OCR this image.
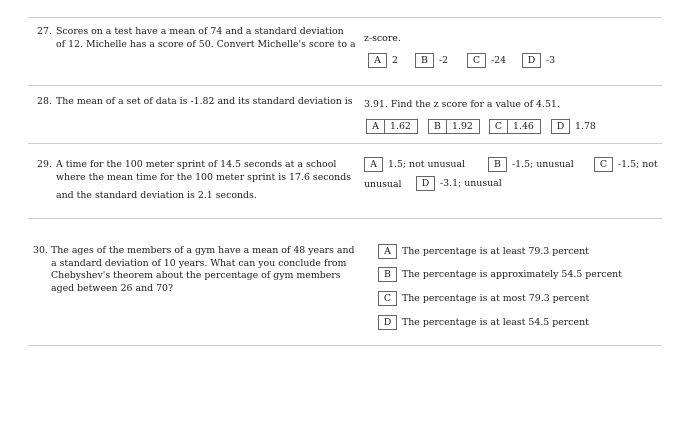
27. Scores on a test have a mean of 74 and a standard deviation
of 12. Michelle has a score of 50. Convert Michelle's score to a
z-score.
A	2	B	-2	C	-24	D	-3
28. The mean of a set of data is -1.82 and its standard deviation is 3.91. Find the z score for a value of 4.51.
A	1.62	B	1.92	C	1.46	D	1.78
29. A time for the 100 meter sprint of 14.5 seconds at a school
where the mean time for the 100 meter sprint is 17.6 seconds
and the standard deviation is 2.1 seconds.
A	1.5; not unusual	B	-1.5; unusual	C	-1.5; not
unusual	D	-3.1; unusual
30. The ages of the members of a gym have a mean of 48 years and
a standard deviation of 10 years. What can you conclude from
Chebyshev's theorem about the percentage of gym members
aged between 26 and 70?
A	The percentage is at least 79.3 percent
B	The percentage is approximately 54.5 percent
C	The percentage is at most 79.3 percent
D	The percentage is at least 54.5 percent
